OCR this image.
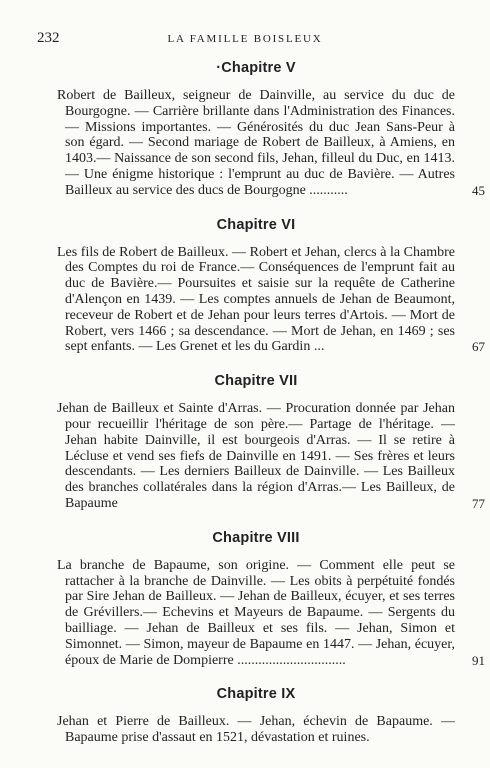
232	LA FAMILLE BOISLEUX
·Chapitre V
Robert de Bailleux, seigneur de Dainville, au service du duc de Bourgogne. — Carrière brillante dans l'Administration des Finances. — Missions importantes. — Générosités du duc Jean Sans-Peur à son égard. — Second mariage de Robert de Bailleux, à Amiens, en 1403.— Naissance de son second fils, Jehan, filleul du Duc, en 1413. — Une énigme historique : l'emprunt au duc de Bavière. — Autres Bailleux au service des ducs de Bourgogne ...........	45
Chapitre VI
Les fils de Robert de Bailleux. — Robert et Jehan, clercs à la Chambre des Comptes du roi de France.— Conséquences de l'emprunt fait au duc de Bavière.— Poursuites et saisie sur la requête de Catherine d'Alençon en 1439. — Les comptes annuels de Jehan de Beaumont, receveur de Robert et de Jehan pour leurs terres d'Artois. — Mort de Robert, vers 1466 ; sa descendance. — Mort de Jehan, en 1469 ; ses sept enfants. — Les Grenet et les du Gardin ...	67
Chapitre VII
Jehan de Bailleux et Sainte d'Arras. — Procuration donnée par Jehan pour recueillir l'héritage de son père.— Partage de l'héritage. — Jehan habite Dainville, il est bourgeois d'Arras. — Il se retire à Lécluse et vend ses fiefs de Dainville en 1491. — Ses frères et leurs descendants. — Les derniers Bailleux de Dainville. — Les Bailleux des branches collatérales dans la région d'Arras.— Les Bailleux, de Bapaume	77
Chapitre VIII
La branche de Bapaume, son origine. — Comment elle peut se rattacher à la branche de Dainville. — Les obits à perpétuité fondés par Sire Jehan de Bailleux. — Jehan de Bailleux, écuyer, et ses terres de Grévillers.— Echevins et Mayeurs de Bapaume. — Sergents du bailliage. — Jehan de Bailleux et ses fils. — Jehan, Simon et Simonnet. — Simon, mayeur de Bapaume en 1447. — Jehan, écuyer, époux de Marie de Dompierre ...............................	91
Chapitre IX
Jehan et Pierre de Bailleux. — Jehan, échevin de Bapaume. — Bapaume prise d'assaut en 1521, dévastation et ruines.
